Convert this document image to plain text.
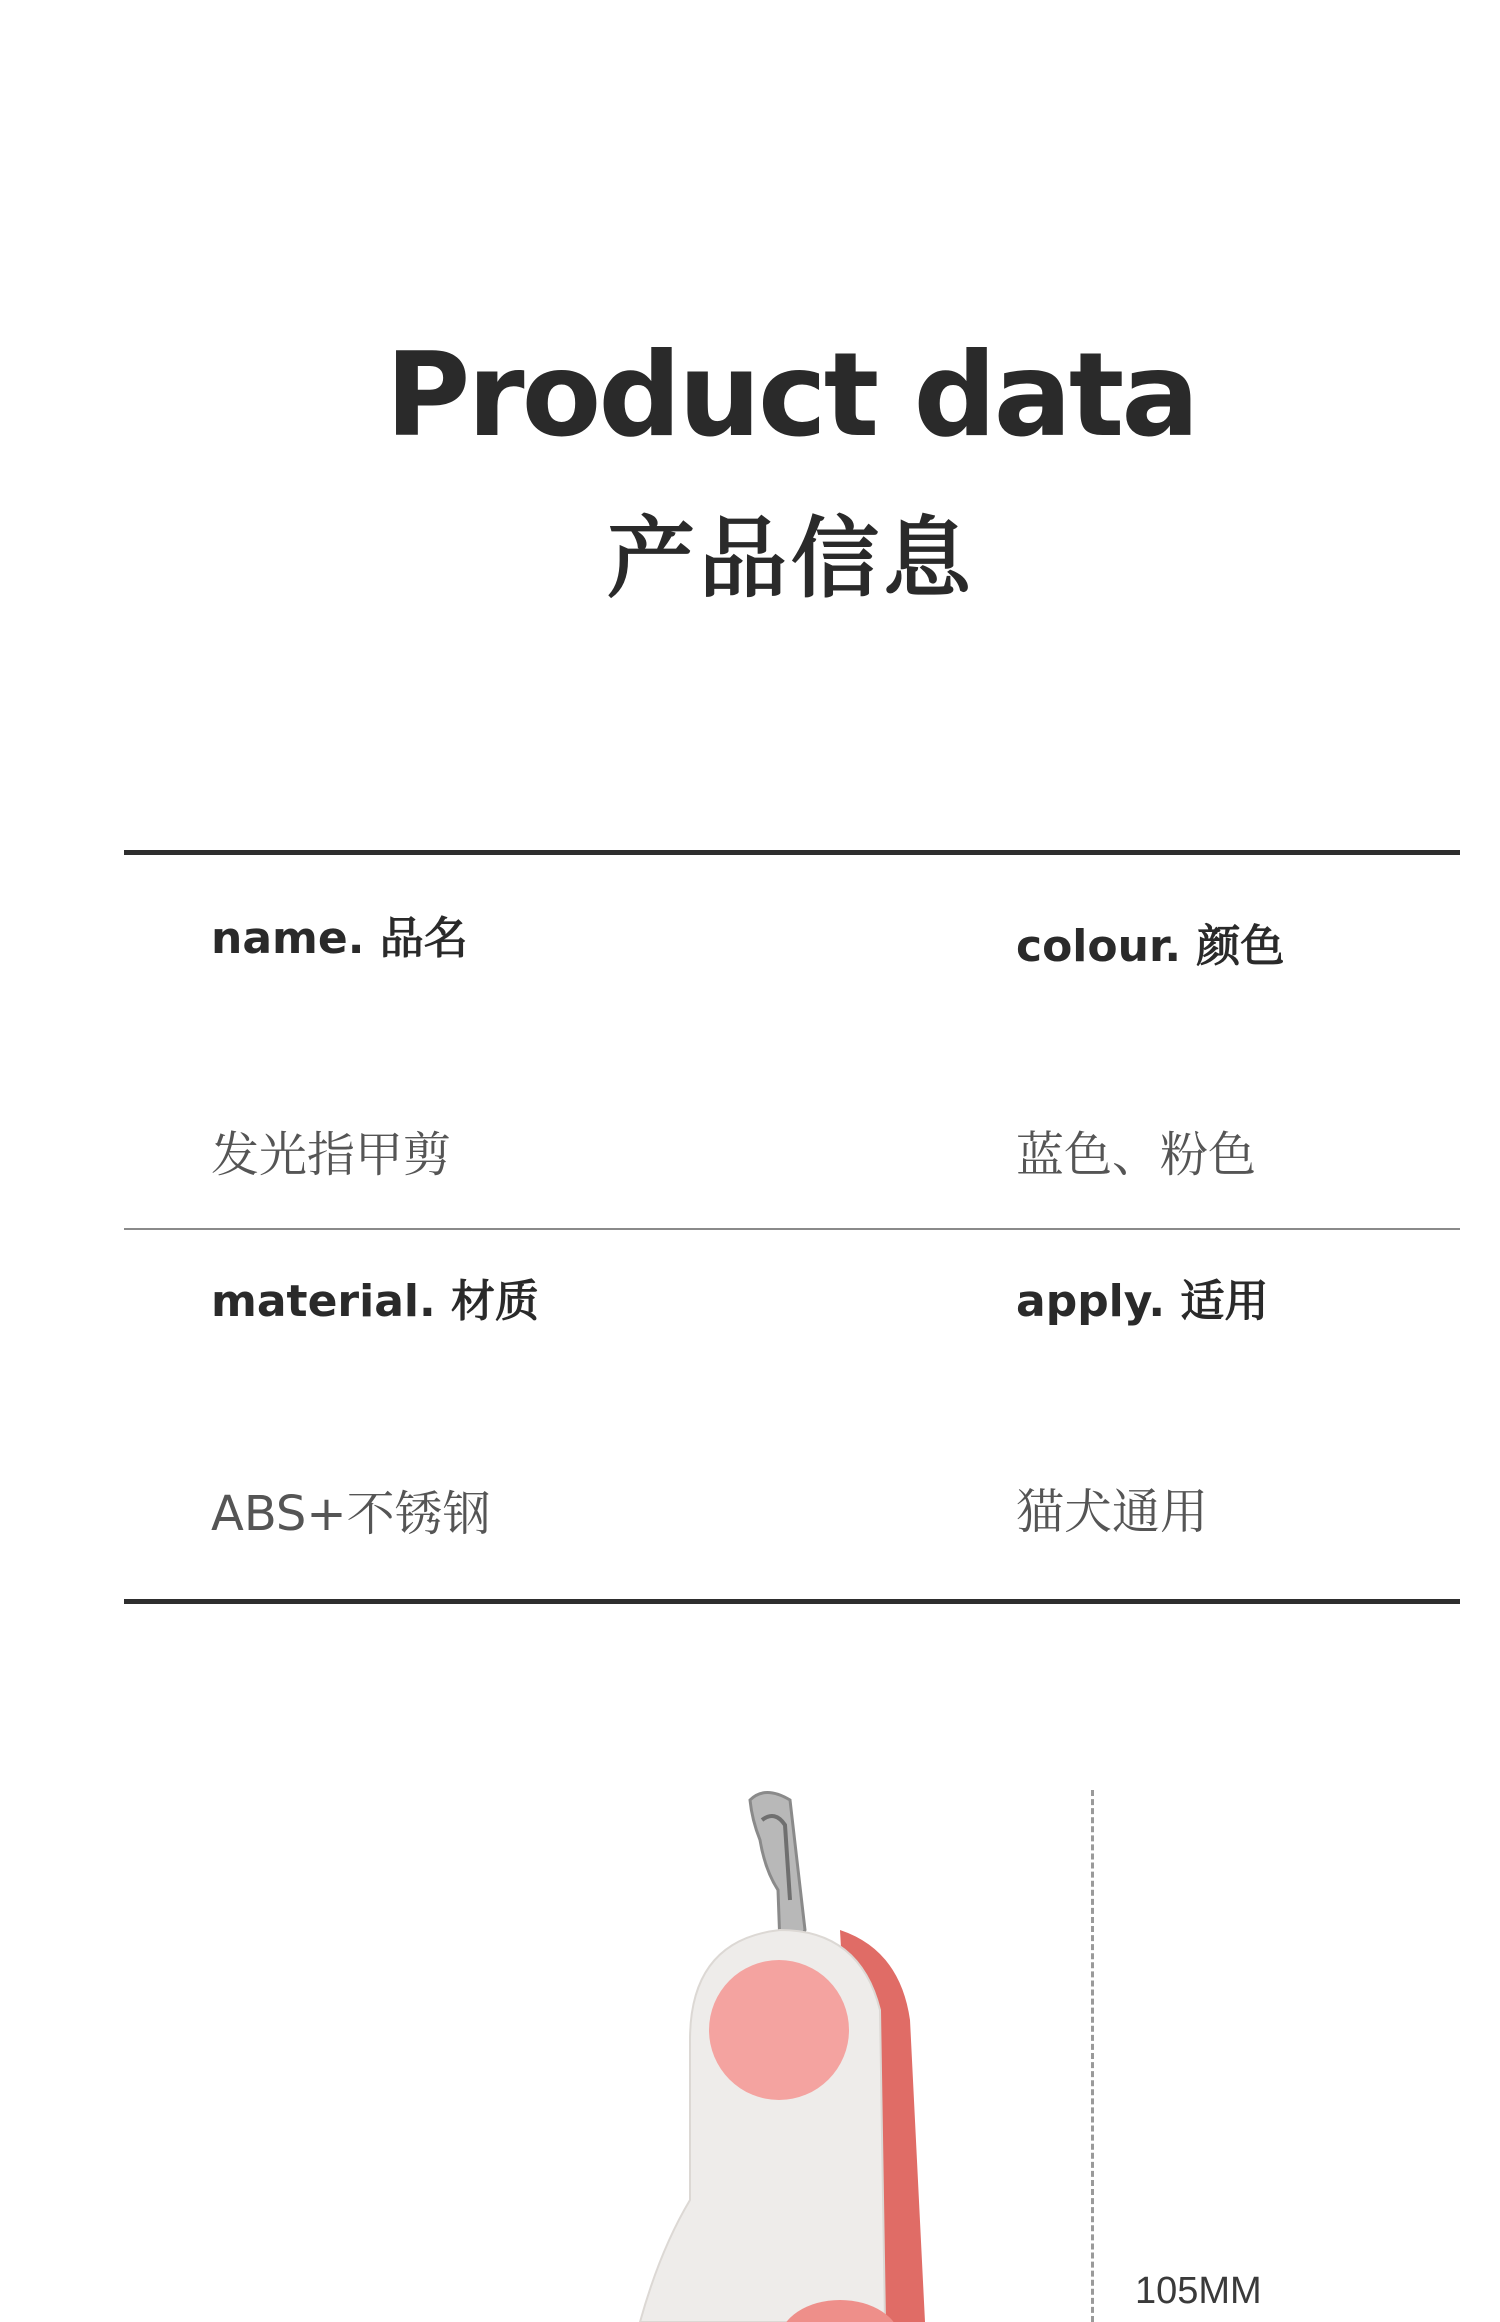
Product data
产品信息
name. 品名	colour. 颜色
发光指甲剪	蓝色、粉色
material. 材质	apply. 适用
ABS+不锈钢	猫犬通用
105MM
